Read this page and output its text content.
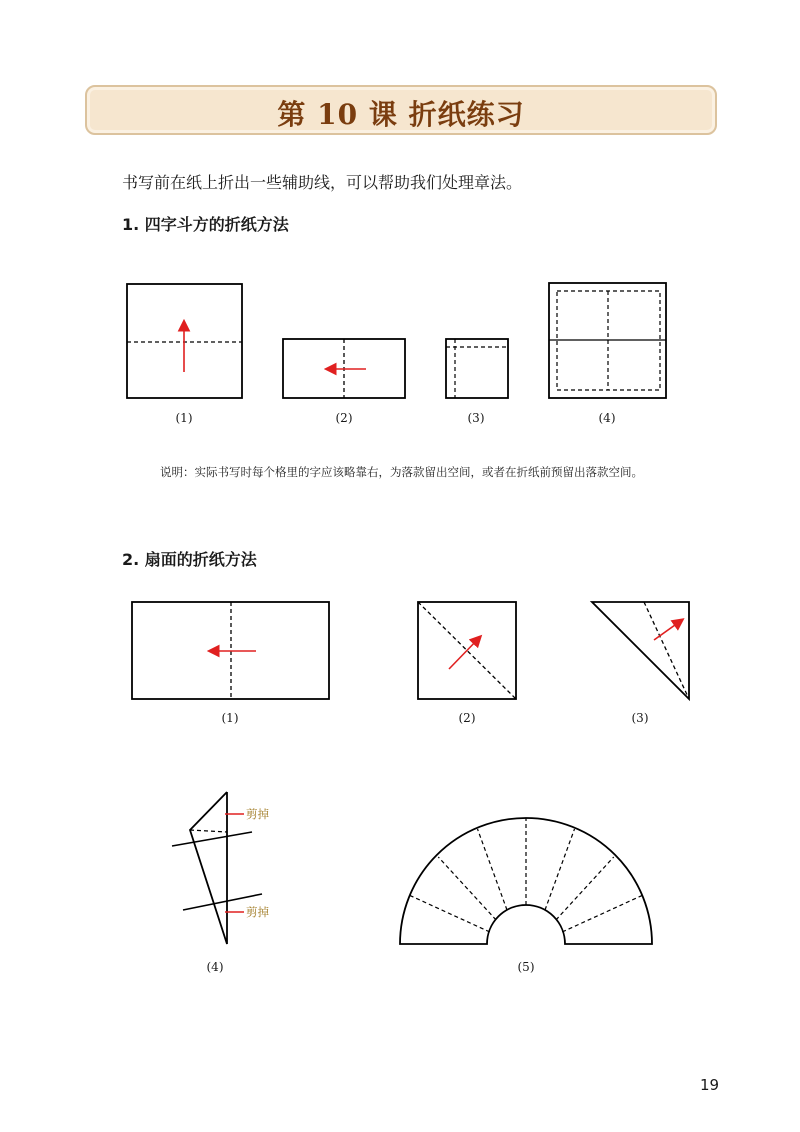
第 10 课 折纸练习
书写前在纸上折出一些辅助线，可以帮助我们处理章法。
1. 四字斗方的折纸方法
(1)	(2)	(3)	(4)
说明：实际书写时每个格里的字应该略靠右，为落款留出空间，或者在折纸前预留出落款空间。
2. 扇面的折纸方法
(1)	(2)	(3)
(4)	(5)
剪掉
剪掉
19
